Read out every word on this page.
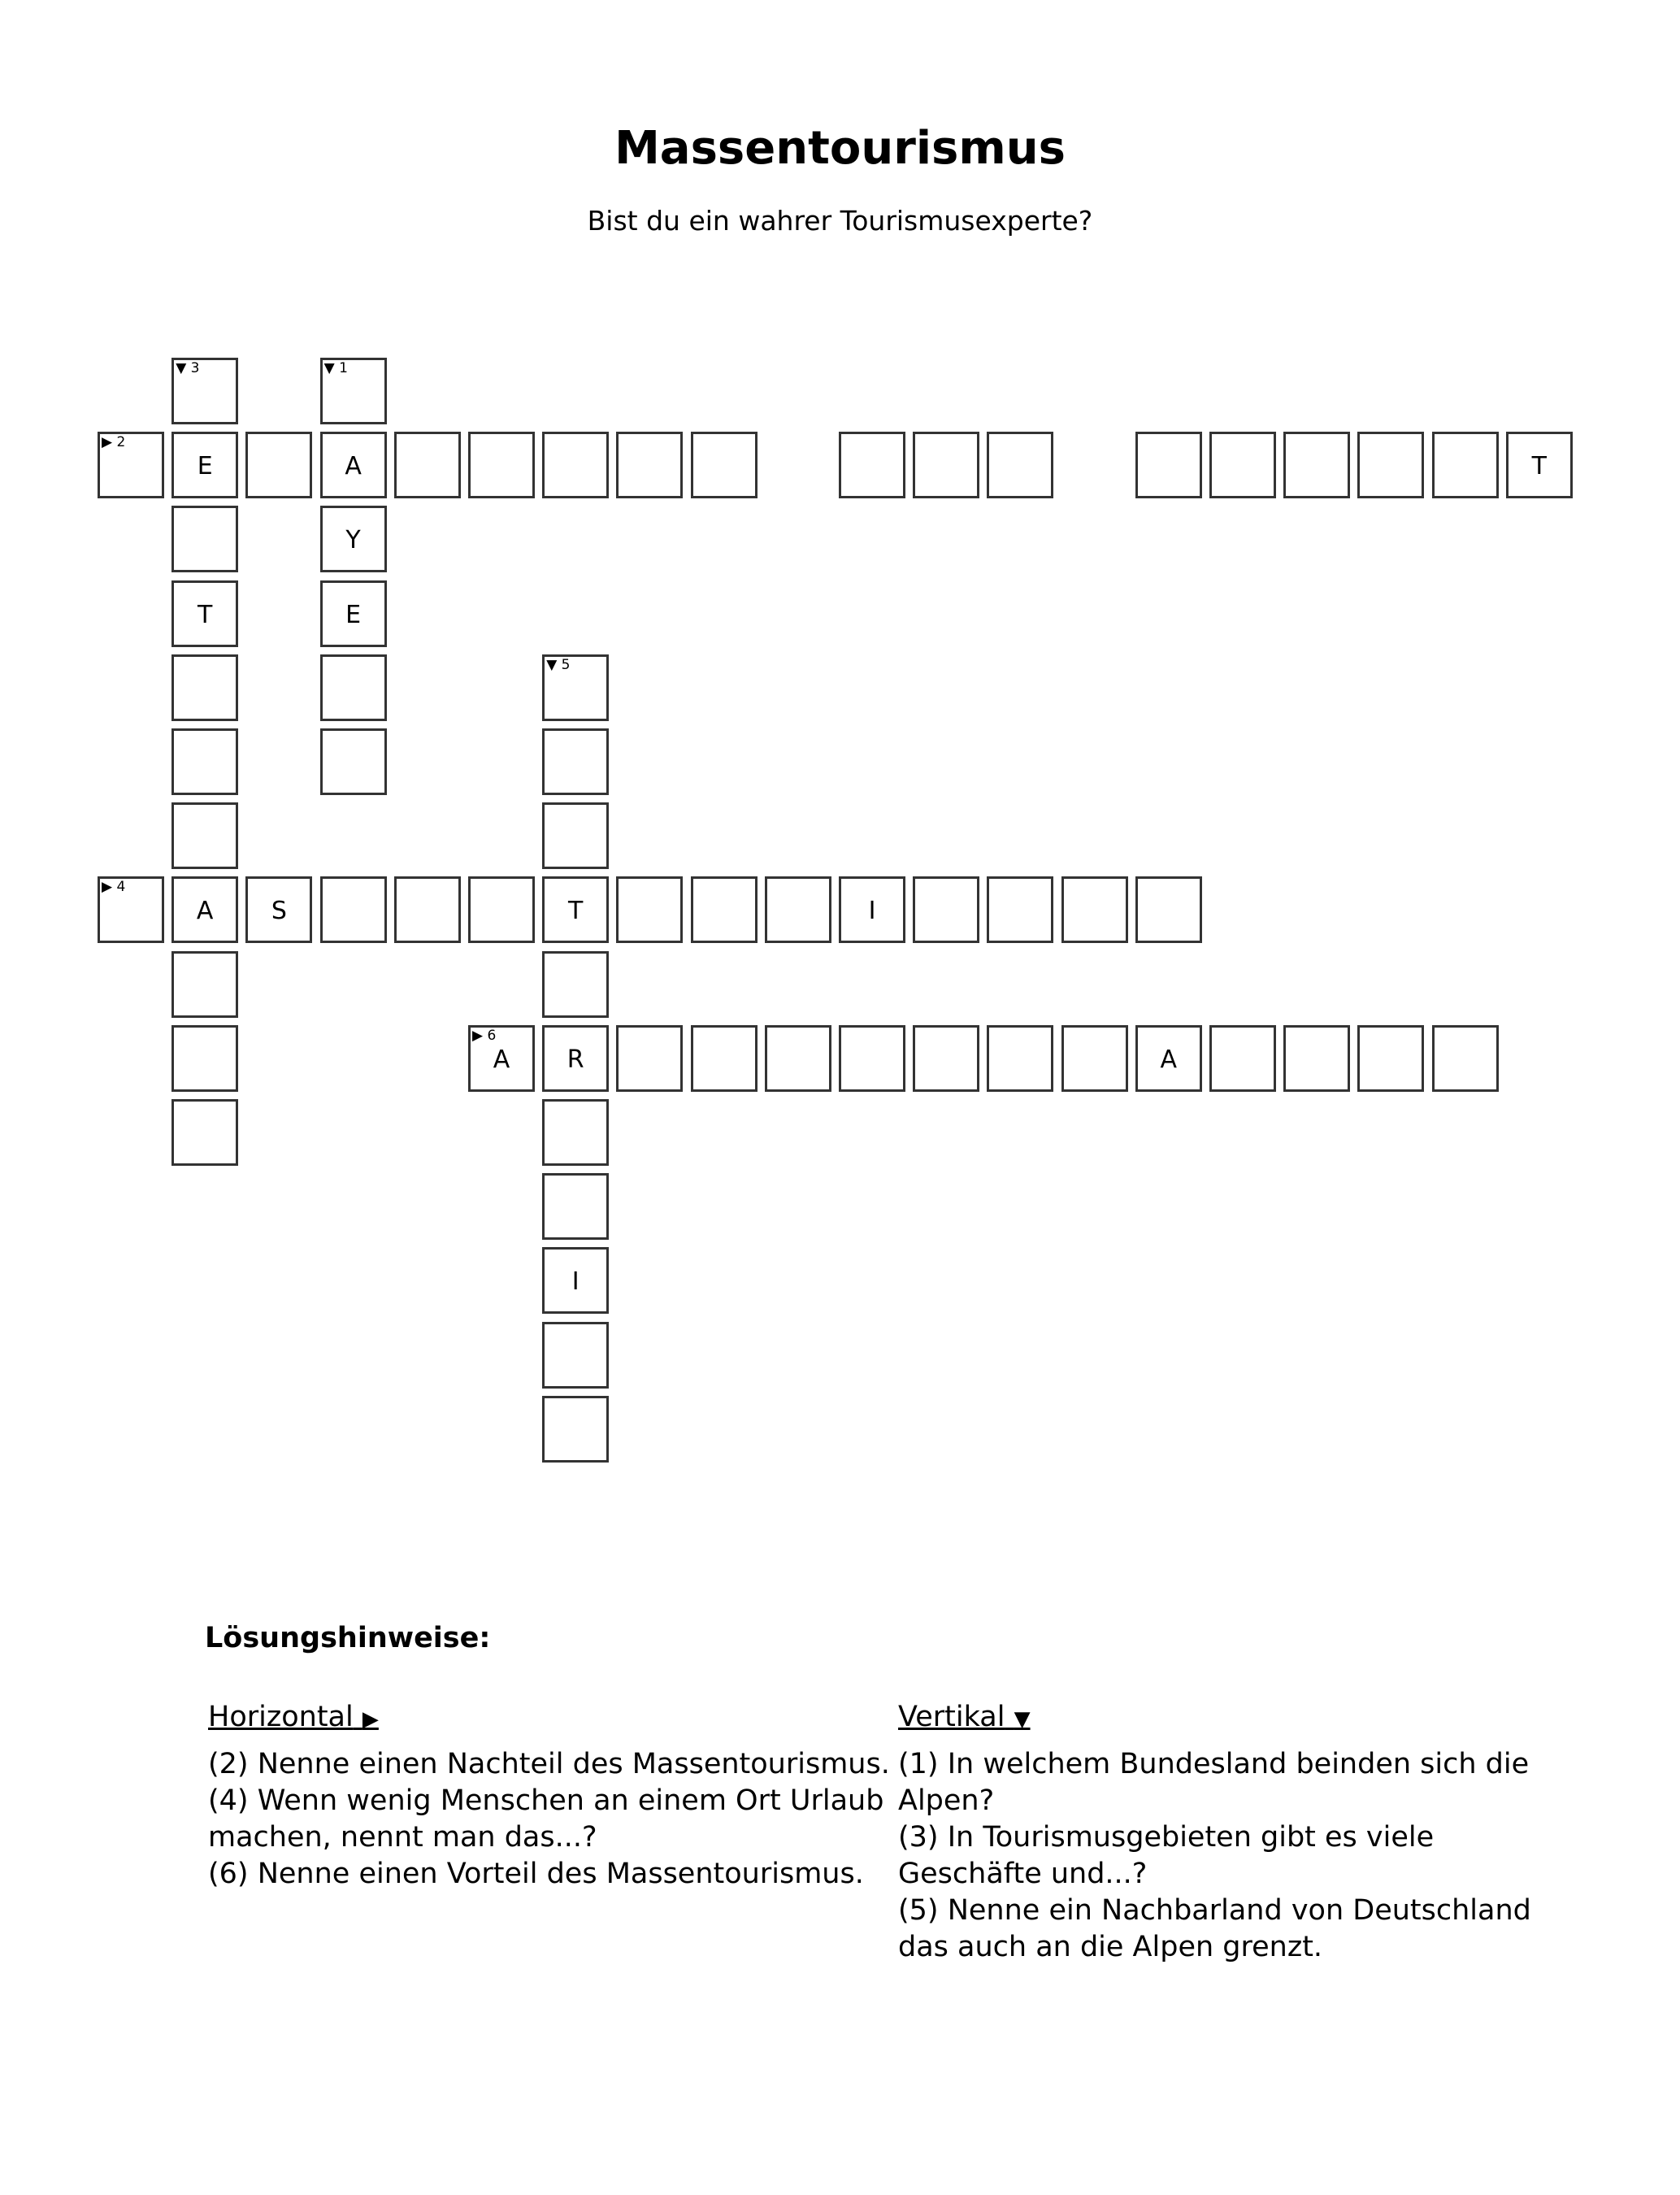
Massentourismus
Bist du ein wahrer Tourismusexperte?
▼ 3	▼ 1
▶ 2
E	A	T
Y
T	E
▼ 5
▶ 4
A	S	T	I
▶ 6
A	R	A
I
Lösungshinweise:
Horizontal ▶
(2) Nenne einen Nachteil des Massentourismus.
(4) Wenn wenig Menschen an einem Ort Urlaub machen, nennt man das...?
(6) Nenne einen Vorteil des Massentourismus.
Vertikal ▼
(1) In welchem Bundesland beinden sich die Alpen?
(3) In Tourismusgebieten gibt es viele Geschäfte und...?
(5) Nenne ein Nachbarland von Deutschland das auch an die Alpen grenzt.
